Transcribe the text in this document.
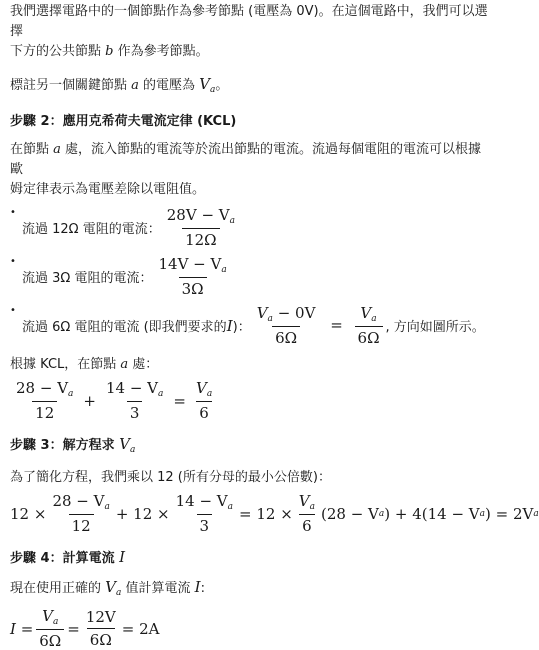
我們選擇電路中的一個節點作為參考節點 (電壓為 0V)。在這個電路中，我們可以選擇

下方的公共節點 b 作為參考節點。

標註另一個關鍵節點 a 的電壓為 $V_a$。

步驟 2：應用克希荷夫電流定律 (KCL)

在節點 a 處，流入節點的電流等於流出節點的電流。流過每個電阻的電流可以根據歐

姆定律表示為電壓差除以電阻值。

•
流過 12Ω 電阻的電流： $\frac{28V - V_a}{12\Omega}$
•
流過 3Ω 電阻的電流： $\frac{14V - V_a}{3\Omega}$
•
流過 6Ω 電阻的電流 (即我們要求的 I )： $\frac{V_a - 0V}{6\Omega} = \frac{V_a}{6\Omega}$ , 方向如圖所示。

根據 KCL，在節點 a 處：

$\frac{28 - V_a}{12} + \frac{14 - V_a}{3} = \frac{V_a}{6}$

步驟 3：解方程求 $V_a$

為了簡化方程，我們乘以 12 (所有分母的最小公倍數)：

$12 \times \frac{28 - V_a}{12} + 12 \times \frac{14 - V_a}{3} = 12 \times \frac{V_a}{6} (28 - V$ a ) + 4(14 − V a ) = 2V a

步驟 4：計算電流 I

現在使用正確的 $V_a$ 值計算電流 I:

$I = \frac{V_a}{6\Omega} = \frac{12V}{6\Omega} = 2A$
